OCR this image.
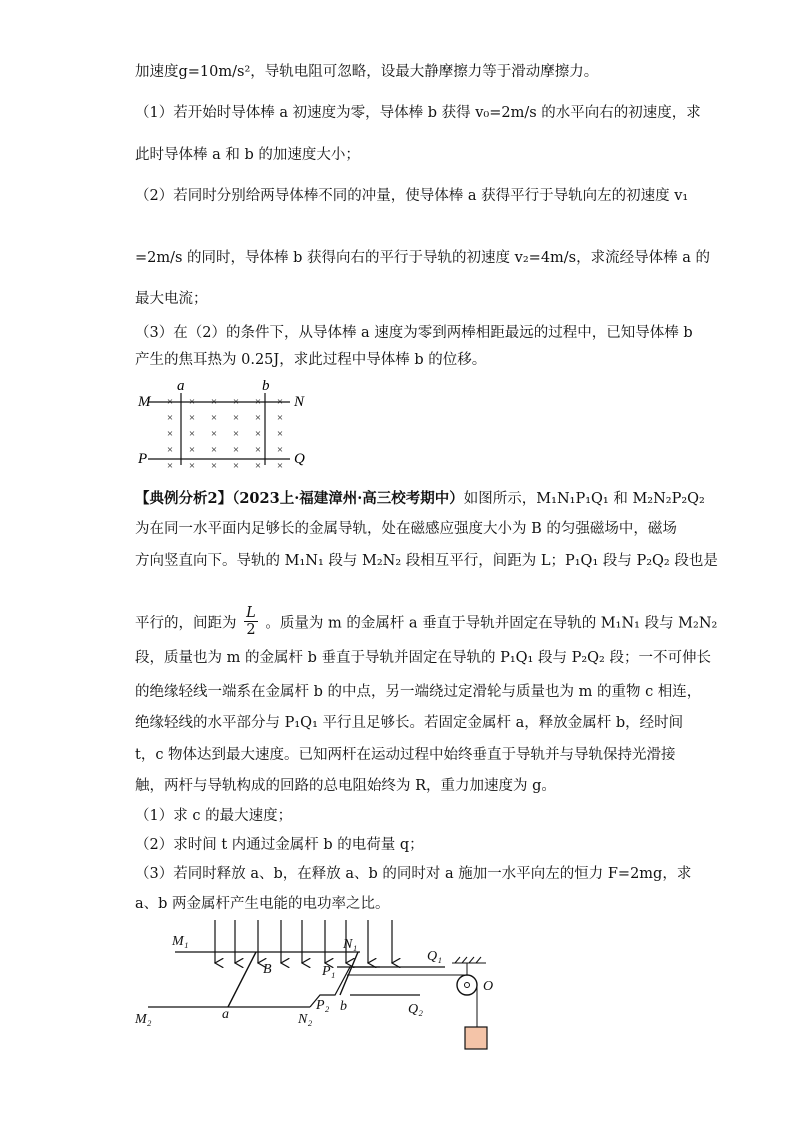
加速度g=10m/s²，导轨电阻可忽略，设最大静摩擦力等于滑动摩擦力。
（1）若开始时导体棒 a 初速度为零，导体棒 b 获得 v₀=2m/s 的水平向右的初速度，求
此时导体棒 a 和 b 的加速度大小；
（2）若同时分别给两导体棒不同的冲量，使导体棒 a 获得平行于导轨向左的初速度 v₁
=2m/s 的同时，导体棒 b 获得向右的平行于导轨的初速度 v₂=4m/s，求流经导体棒 a 的
最大电流；
（3）在（2）的条件下，从导体棒 a 速度为零到两棒相距最远的过程中，已知导体棒 b
产生的焦耳热为 0.25J，求此过程中导体棒 b 的位移。
× × × × × ×
× × × × × ×
× × × × × ×
× × × × × ×
× × × × × ×
M	N
P	Q
a	b
【典例分析2】（2023上·福建漳州·高三校考期中）如图所示，M₁N₁P₁Q₁ 和 M₂N₂P₂Q₂
为在同一水平面内足够长的金属导轨，处在磁感应强度大小为 B 的匀强磁场中，磁场
方向竖直向下。导轨的 M₁N₁ 段与 M₂N₂ 段相互平行，间距为 L；P₁Q₁ 段与 P₂Q₂ 段也是
平行的，间距为 $\frac{L}{2}$ 。质量为 m 的金属杆 a 垂直于导轨并固定在导轨的 M₁N₁ 段与 M₂N₂
段，质量也为 m 的金属杆 b 垂直于导轨并固定在导轨的 P₁Q₁ 段与 P₂Q₂ 段；一不可伸长
的绝缘轻线一端系在金属杆 b 的中点，另一端绕过定滑轮与质量也为 m 的重物 c 相连，
绝缘轻线的水平部分与 P₁Q₁ 平行且足够长。若固定金属杆 a，释放金属杆 b，经时间
t，c 物体达到最大速度。已知两杆在运动过程中始终垂直于导轨并与导轨保持光滑接
触，两杆与导轨构成的回路的总电阻始终为 R，重力加速度为 g。
（1）求 c 的最大速度；
（2）求时间 t 内通过金属杆 b 的电荷量 q；
（3）若同时释放 a、b，在释放 a、b 的同时对 a 施加一水平向左的恒力 F=2mg，求
a、b 两金属杆产生电能的电功率之比。
M₁	N₁
P₁
Q₁
M₂	N₂
P₂	Q₂
a
b
B
O
